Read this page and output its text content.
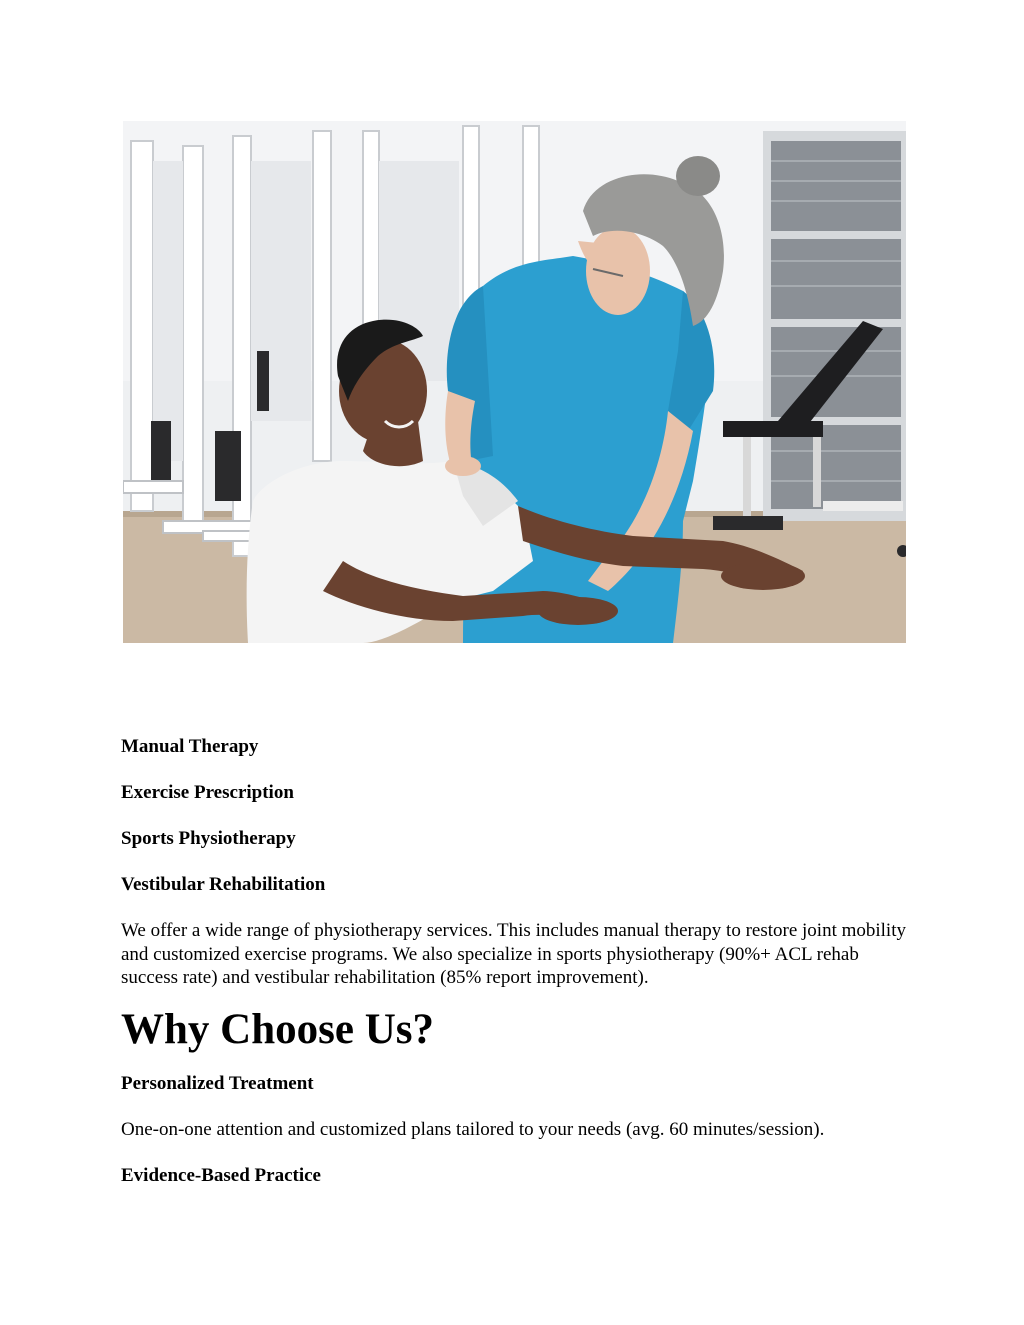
Manual Therapy
Exercise Prescription
Sports Physiotherapy
Vestibular Rehabilitation

We offer a wide range of physiotherapy services. This includes manual therapy to restore joint mobility and customized exercise programs. We also specialize in sports physiotherapy (90%+ ACL rehab success rate) and vestibular rehabilitation (85% report improvement).

Why Choose Us?
Personalized Treatment
One-on-one attention and customized plans tailored to your needs (avg. 60 minutes/session).
Evidence-Based Practice
